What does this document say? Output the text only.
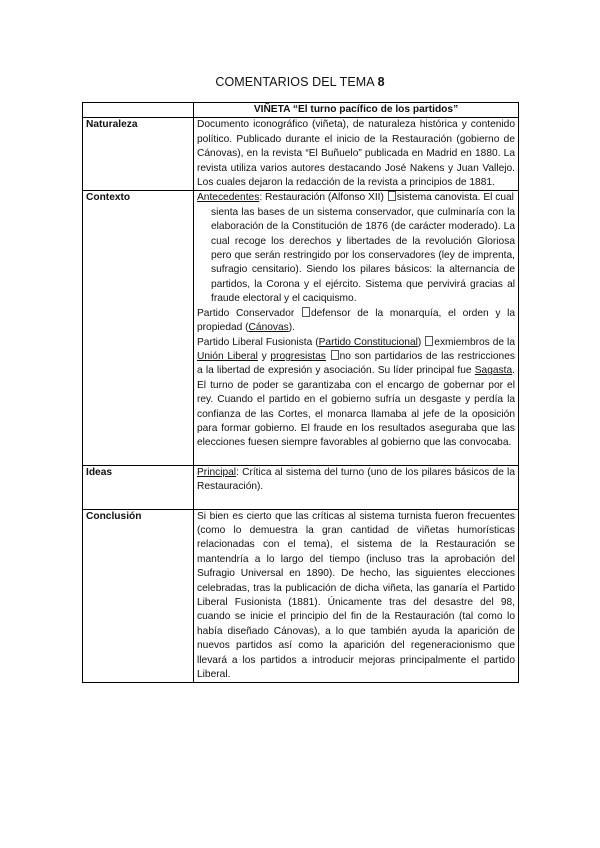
COMENTARIOS DEL TEMA 8
	VIÑETA “El turno pacífico de los partidos”
Naturaleza	Documento iconográfico (viñeta), de naturaleza histórica y contenido político. Publicado durante el inicio de la Restauración (gobierno de Cánovas), en la revista “El Buñuelo” publicada en Madrid en 1880. La revista utiliza varios autores destacando José Nakens y Juan Vallejo. Los cuales dejaron la redacción de la revista a principios de 1881.
Contexto	Antecedentes: Restauración (Alfonso XII) sistema canovista. El cual
sienta las bases de un sistema conservador, que culminaría con la elaboración de la Constitución de 1876 (de carácter moderado). La cual recoge los derechos y libertades de la revolución Gloriosa pero que serán restringido por los conservadores (ley de imprenta, sufragio censitario). Siendo los pilares básicos: la alternancia de partidos, la Corona y el ejército. Sistema que pervivirá gracias al fraude electoral y el caciquismo.
Partido Conservador defensor de la monarquía, el orden y la propiedad (Cánovas).
Partido Liberal Fusionista (Partido Constitucional) exmiembros de la Unión Liberal y progresistas no son partidarios de las restricciones a la libertad de expresión y asociación. Su líder principal fue Sagasta. El turno de poder se garantizaba con el encargo de gobernar por el rey. Cuando el partido en el gobierno sufría un desgaste y perdía la confianza de las Cortes, el monarca llamaba al jefe de la oposición para formar gobierno. El fraude en los resultados aseguraba que las elecciones fuesen siempre favorables al gobierno que las convocaba.

Ideas	Principal: Crítica al sistema del turno (uno de los pilares básicos de la Restauración).

Conclusión	Si bien es cierto que las críticas al sistema turnista fueron frecuentes (como lo demuestra la gran cantidad de viñetas humorísticas relacionadas con el tema), el sistema de la Restauración se mantendría a lo largo del tiempo (incluso tras la aprobación del Sufragio Universal en 1890). De hecho, las siguientes elecciones celebradas, tras la publicación de dicha viñeta, las ganaría el Partido Liberal Fusionista (1881). Únicamente tras del desastre del 98, cuando se inicie el principio del fin de la Restauración (tal como lo había diseñado Cánovas), a lo que también ayuda la aparición de nuevos partidos así como la aparición del regeneracionismo que llevará a los partidos a introducir mejoras principalmente el partido Liberal.
